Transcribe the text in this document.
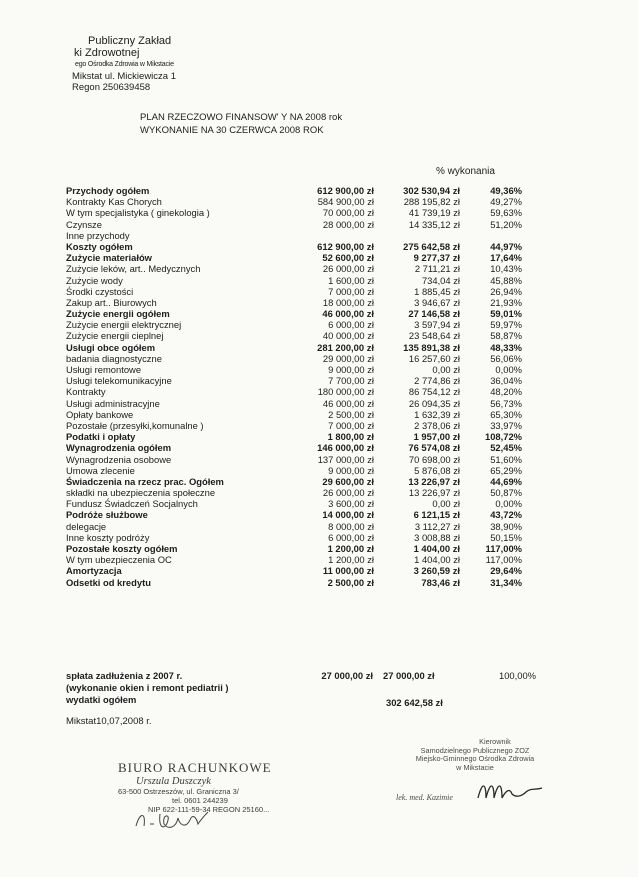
Publiczny Zakład
ki Zdrowotnej
ego Ośrodka Zdrowia w Mikstacie
Mikstat ul. Mickiewicza 1
Regon 250639458
PLAN RZECZOWO FINANSOW' Y NA 2008 rok
WYKONANIE NA 30 CZERWCA 2008 ROK
% wykonania
Przychody ogółem	612 900,00 zł	302 530,94 zł	49,36%
Kontrakty Kas Chorych	584 900,00 zł	288 195,82 zł	49,27%
W tym specjalistyka ( ginekologia )	70 000,00 zł	41 739,19 zł	59,63%
Czynsze	28 000,00 zł	14 335,12 zł	51,20%
Inne przychody
Koszty ogółem	612 900,00 zł	275 642,58 zł	44,97%
Zużycie materiałów	52 600,00 zł	9 277,37 zł	17,64%
Zużycie leków, art.. Medycznych	26 000,00 zł	2 711,21 zł	10,43%
Zużycie wody	1 600,00 zł	734,04 zł	45,88%
Środki czystości	7 000,00 zł	1 885,45 zł	26,94%
Zakup art.. Biurowych	18 000,00 zł	3 946,67 zł	21,93%
Zużycie energii ogółem	46 000,00 zł	27 146,58 zł	59,01%
Zużycie energii elektrycznej	6 000,00 zł	3 597,94 zł	59,97%
Zużycie energii cieplnej	40 000,00 zł	23 548,64 zł	58,87%
Usługi obce ogółem	281 200,00 zł	135 891,38 zł	48,33%
badania diagnostyczne	29 000,00 zł	16 257,60 zł	56,06%
Usługi remontowe	9 000,00 zł	0,00 zł	0,00%
Usługi telekomunikacyjne	7 700,00 zł	2 774,86 zł	36,04%
Kontrakty	180 000,00 zł	86 754,12 zł	48,20%
Usługi administracyjne	46 000,00 zł	26 094,35 zł	56,73%
Opłaty bankowe	2 500,00 zł	1 632,39 zł	65,30%
Pozostałe (przesyłki,komunalne )	7 000,00 zł	2 378,06 zł	33,97%
Podatki i opłaty	1 800,00 zł	1 957,00 zł	108,72%
Wynagrodzenia ogółem	146 000,00 zł	76 574,08 zł	52,45%
Wynagrodzenia osobowe	137 000,00 zł	70 698,00 zł	51,60%
Umowa zlecenie	9 000,00 zł	5 876,08 zł	65,29%
Świadczenia na rzecz prac. Ogółem	29 600,00 zł	13 226,97 zł	44,69%
składki na ubezpieczenia społeczne	26 000,00 zł	13 226,97 zł	50,87%
Fundusz Świadczeń Socjalnych	3 600,00 zł	0,00 zł	0,00%
Podróże służbowe	14 000,00 zł	6 121,15 zł	43,72%
delegacje	8 000,00 zł	3 112,27 zł	38,90%
Inne koszty podróży	6 000,00 zł	3 008,88 zł	50,15%
Pozostałe koszty ogółem	1 200,00 zł	1 404,00 zł	117,00%
W tym ubezpieczenia OC	1 200,00 zł	1 404,00 zł	117,00%
Amortyzacja	11 000,00 zł	3 260,59 zł	29,64%
Odsetki od kredytu	2 500,00 zł	783,46 zł	31,34%
spłata zadłużenia z 2007 r.
(wykonanie okien i remont pediatrii )
27 000,00 zł 27 000,00 zł	100,00%
wydatki ogółem	302 642,58 zł
Mikstat10,07,2008 r.
BIURO RACHUNKOWE
Urszula Duszczyk
63-500 Ostrzeszów, ul. Graniczna 3/
tel. 0601 244239
NIP 622-111-59-34 REGON 25160...
Kierownik
Samodzielnego Publicznego ZOZ
Miejsko-Gminnego Ośrodka Zdrowia
w Mikstacie
lek. med. Kazimie
